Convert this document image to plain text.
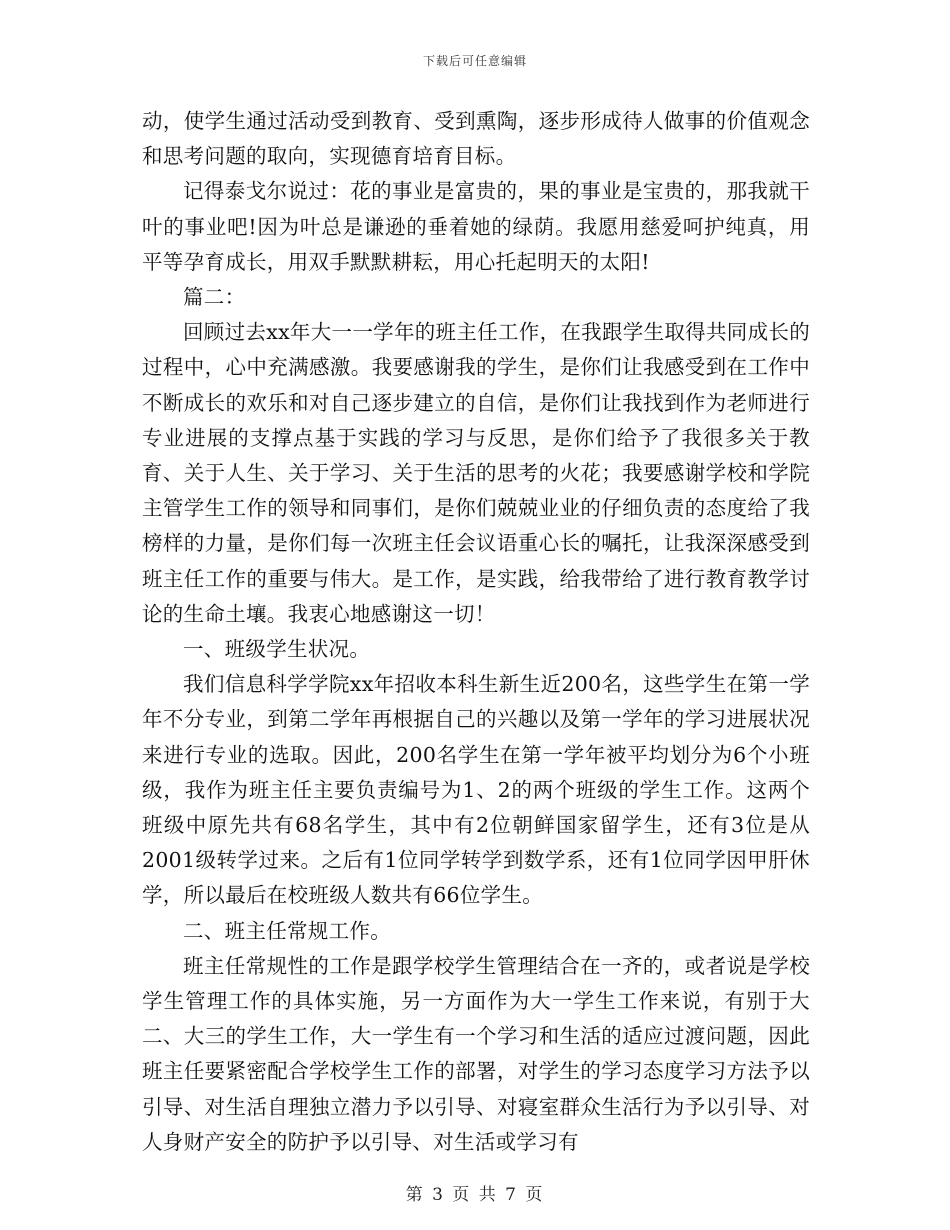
下载后可任意编辑

动，使学生通过活动受到教育、受到熏陶，逐步形成待人做事的价值观念和思考问题的取向，实现德育培育目标。

记得泰戈尔说过：花的事业是富贵的，果的事业是宝贵的，那我就干叶的事业吧!因为叶总是谦逊的垂着她的绿荫。我愿用慈爱呵护纯真，用平等孕育成长，用双手默默耕耘，用心托起明天的太阳!

篇二：

回顾过去xx年大一一学年的班主任工作，在我跟学生取得共同成长的过程中，心中充满感激。我要感谢我的学生，是你们让我感受到在工作中不断成长的欢乐和对自己逐步建立的自信，是你们让我找到作为老师进行专业进展的支撑点基于实践的学习与反思，是你们给予了我很多关于教育、关于人生、关于学习、关于生活的思考的火花；我要感谢学校和学院主管学生工作的领导和同事们，是你们兢兢业业的仔细负责的态度给了我榜样的力量，是你们每一次班主任会议语重心长的嘱托，让我深深感受到班主任工作的重要与伟大。是工作，是实践，给我带给了进行教育教学讨论的生命土壤。我衷心地感谢这一切！

一、班级学生状况。

我们信息科学学院xx年招收本科生新生近200名，这些学生在第一学年不分专业，到第二学年再根据自己的兴趣以及第一学年的学习进展状况来进行专业的选取。因此，200名学生在第一学年被平均划分为6个小班级，我作为班主任主要负责编号为1、2的两个班级的学生工作。这两个班级中原先共有68名学生，其中有2位朝鲜国家留学生，还有3位是从2001级转学过来。之后有1位同学转学到数学系，还有1位同学因甲肝休学，所以最后在校班级人数共有66位学生。

二、班主任常规工作。

班主任常规性的工作是跟学校学生管理结合在一齐的，或者说是学校学生管理工作的具体实施，另一方面作为大一学生工作来说，有别于大二、大三的学生工作，大一学生有一个学习和生活的适应过渡问题，因此班主任要紧密配合学校学生工作的部署，对学生的学习态度学习方法予以引导、对生活自理独立潜力予以引导、对寝室群众生活行为予以引导、对人身财产安全的防护予以引导、对生活或学习有

第 3 页 共 7 页
